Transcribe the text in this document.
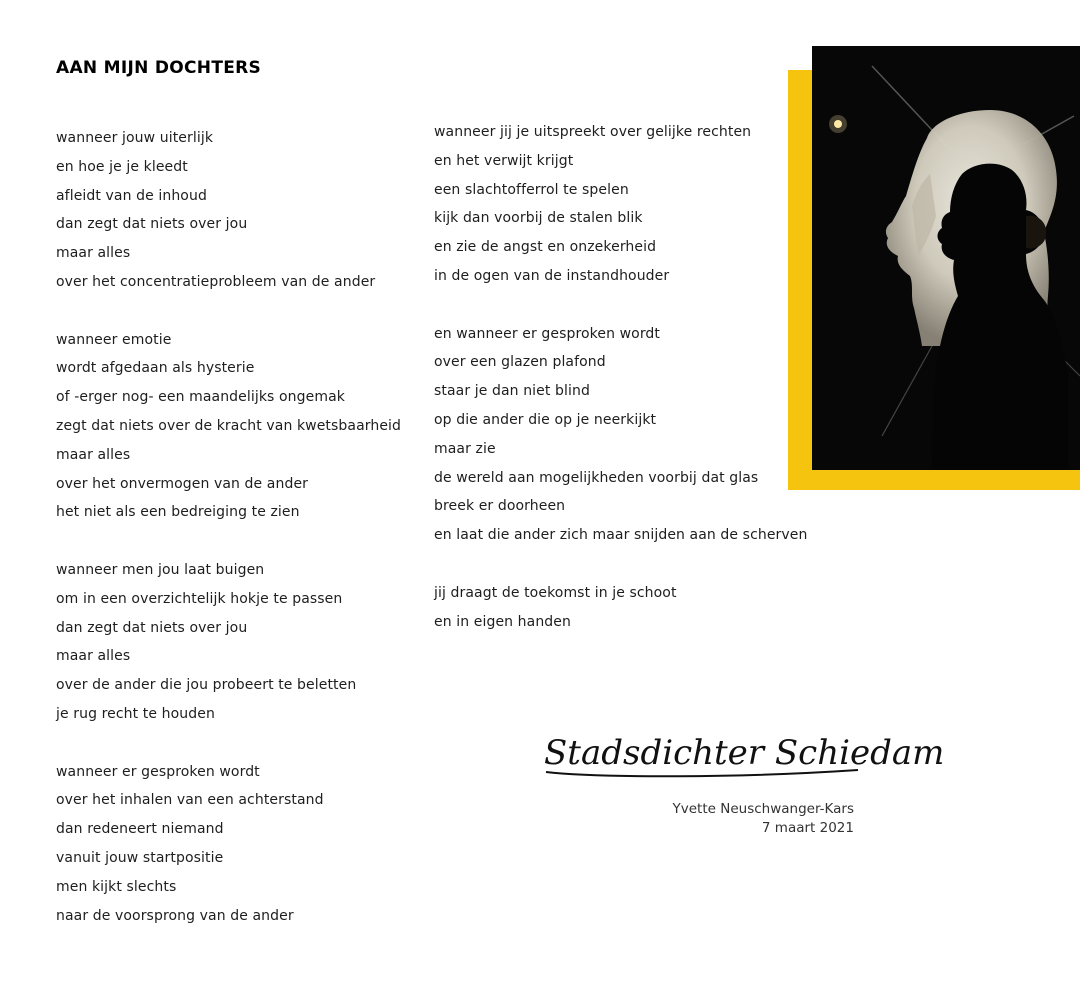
AAN MIJN DOCHTERS
wanneer jouw uiterlijk
en hoe je je kleedt
afleidt van de inhoud
dan zegt dat niets over jou
maar alles
over het concentratieprobleem van de ander
wanneer emotie
wordt afgedaan als hysterie
of -erger nog- een maandelijks ongemak
zegt dat niets over de kracht van kwetsbaarheid
maar alles
over het onvermogen van de ander
het niet als een bedreiging te zien
wanneer men jou laat buigen
om in een overzichtelijk hokje te passen
dan zegt dat niets over jou
maar alles
over de ander die jou probeert te beletten
je rug recht te houden
wanneer er gesproken wordt
over het inhalen van een achterstand
dan redeneert niemand
vanuit jouw startpositie
men kijkt slechts
naar de voorsprong van de ander
wanneer jij je uitspreekt over gelijke rechten
en het verwijt krijgt
een slachtofferrol te spelen
kijk dan voorbij de stalen blik
en zie de angst en onzekerheid
in de ogen van de instandhouder
en wanneer er gesproken wordt
over een glazen plafond
staar je dan niet blind
op die ander die op je neerkijkt
maar zie
de wereld aan mogelijkheden voorbij dat glas
breek er doorheen
en laat die ander zich maar snijden aan de scherven
jij draagt de toekomst in je schoot
en in eigen handen
Stadsdichter Schiedam
Yvette Neuschwanger-Kars
7 maart 2021
